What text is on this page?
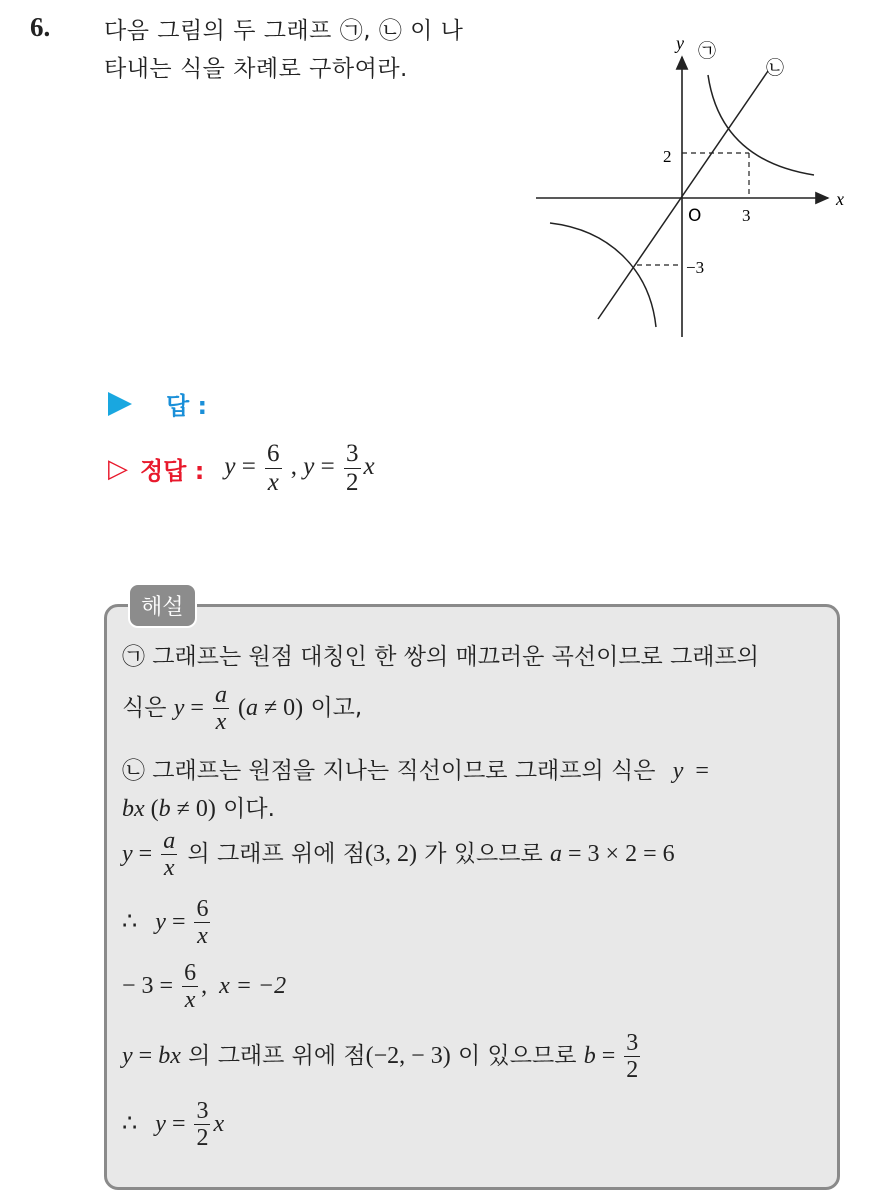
6. 다음 그림의 두 그래프 ㉠, ㉡ 이 나
타내는 식을 차례로 구하여라.
y
x
O
2
3
−3
㉠
㉡
답 :
▷ 정답 : $y = \frac{6}{x}$ , $y = \frac{3}{2}$ x
해설
㉠ 그래프는 원점 대칭인 한 쌍의 매끄러운 곡선이므로 그래프의
식은 $y = \frac{a}{x} (a \ne 0)$ 이고,
㉡ 그래프는 원점을 지나는 직선이므로 그래프의 식은 y  =
bx (b ≠ 0) 이다.
$y = \frac{a}{x}$ 의 그래프 위에 점(3, 2) 가 있으므로 a = 3 × 2 = 6
∴   $y = \frac{6}{x}$
− $3 = \frac{6}{x}$ ,  x = −2
y = bx 의 그래프 위에 점(−2, − 3) 이 있으므로 $b = \frac{3}{2}$
∴   $y = \frac{3}{2}$ x
